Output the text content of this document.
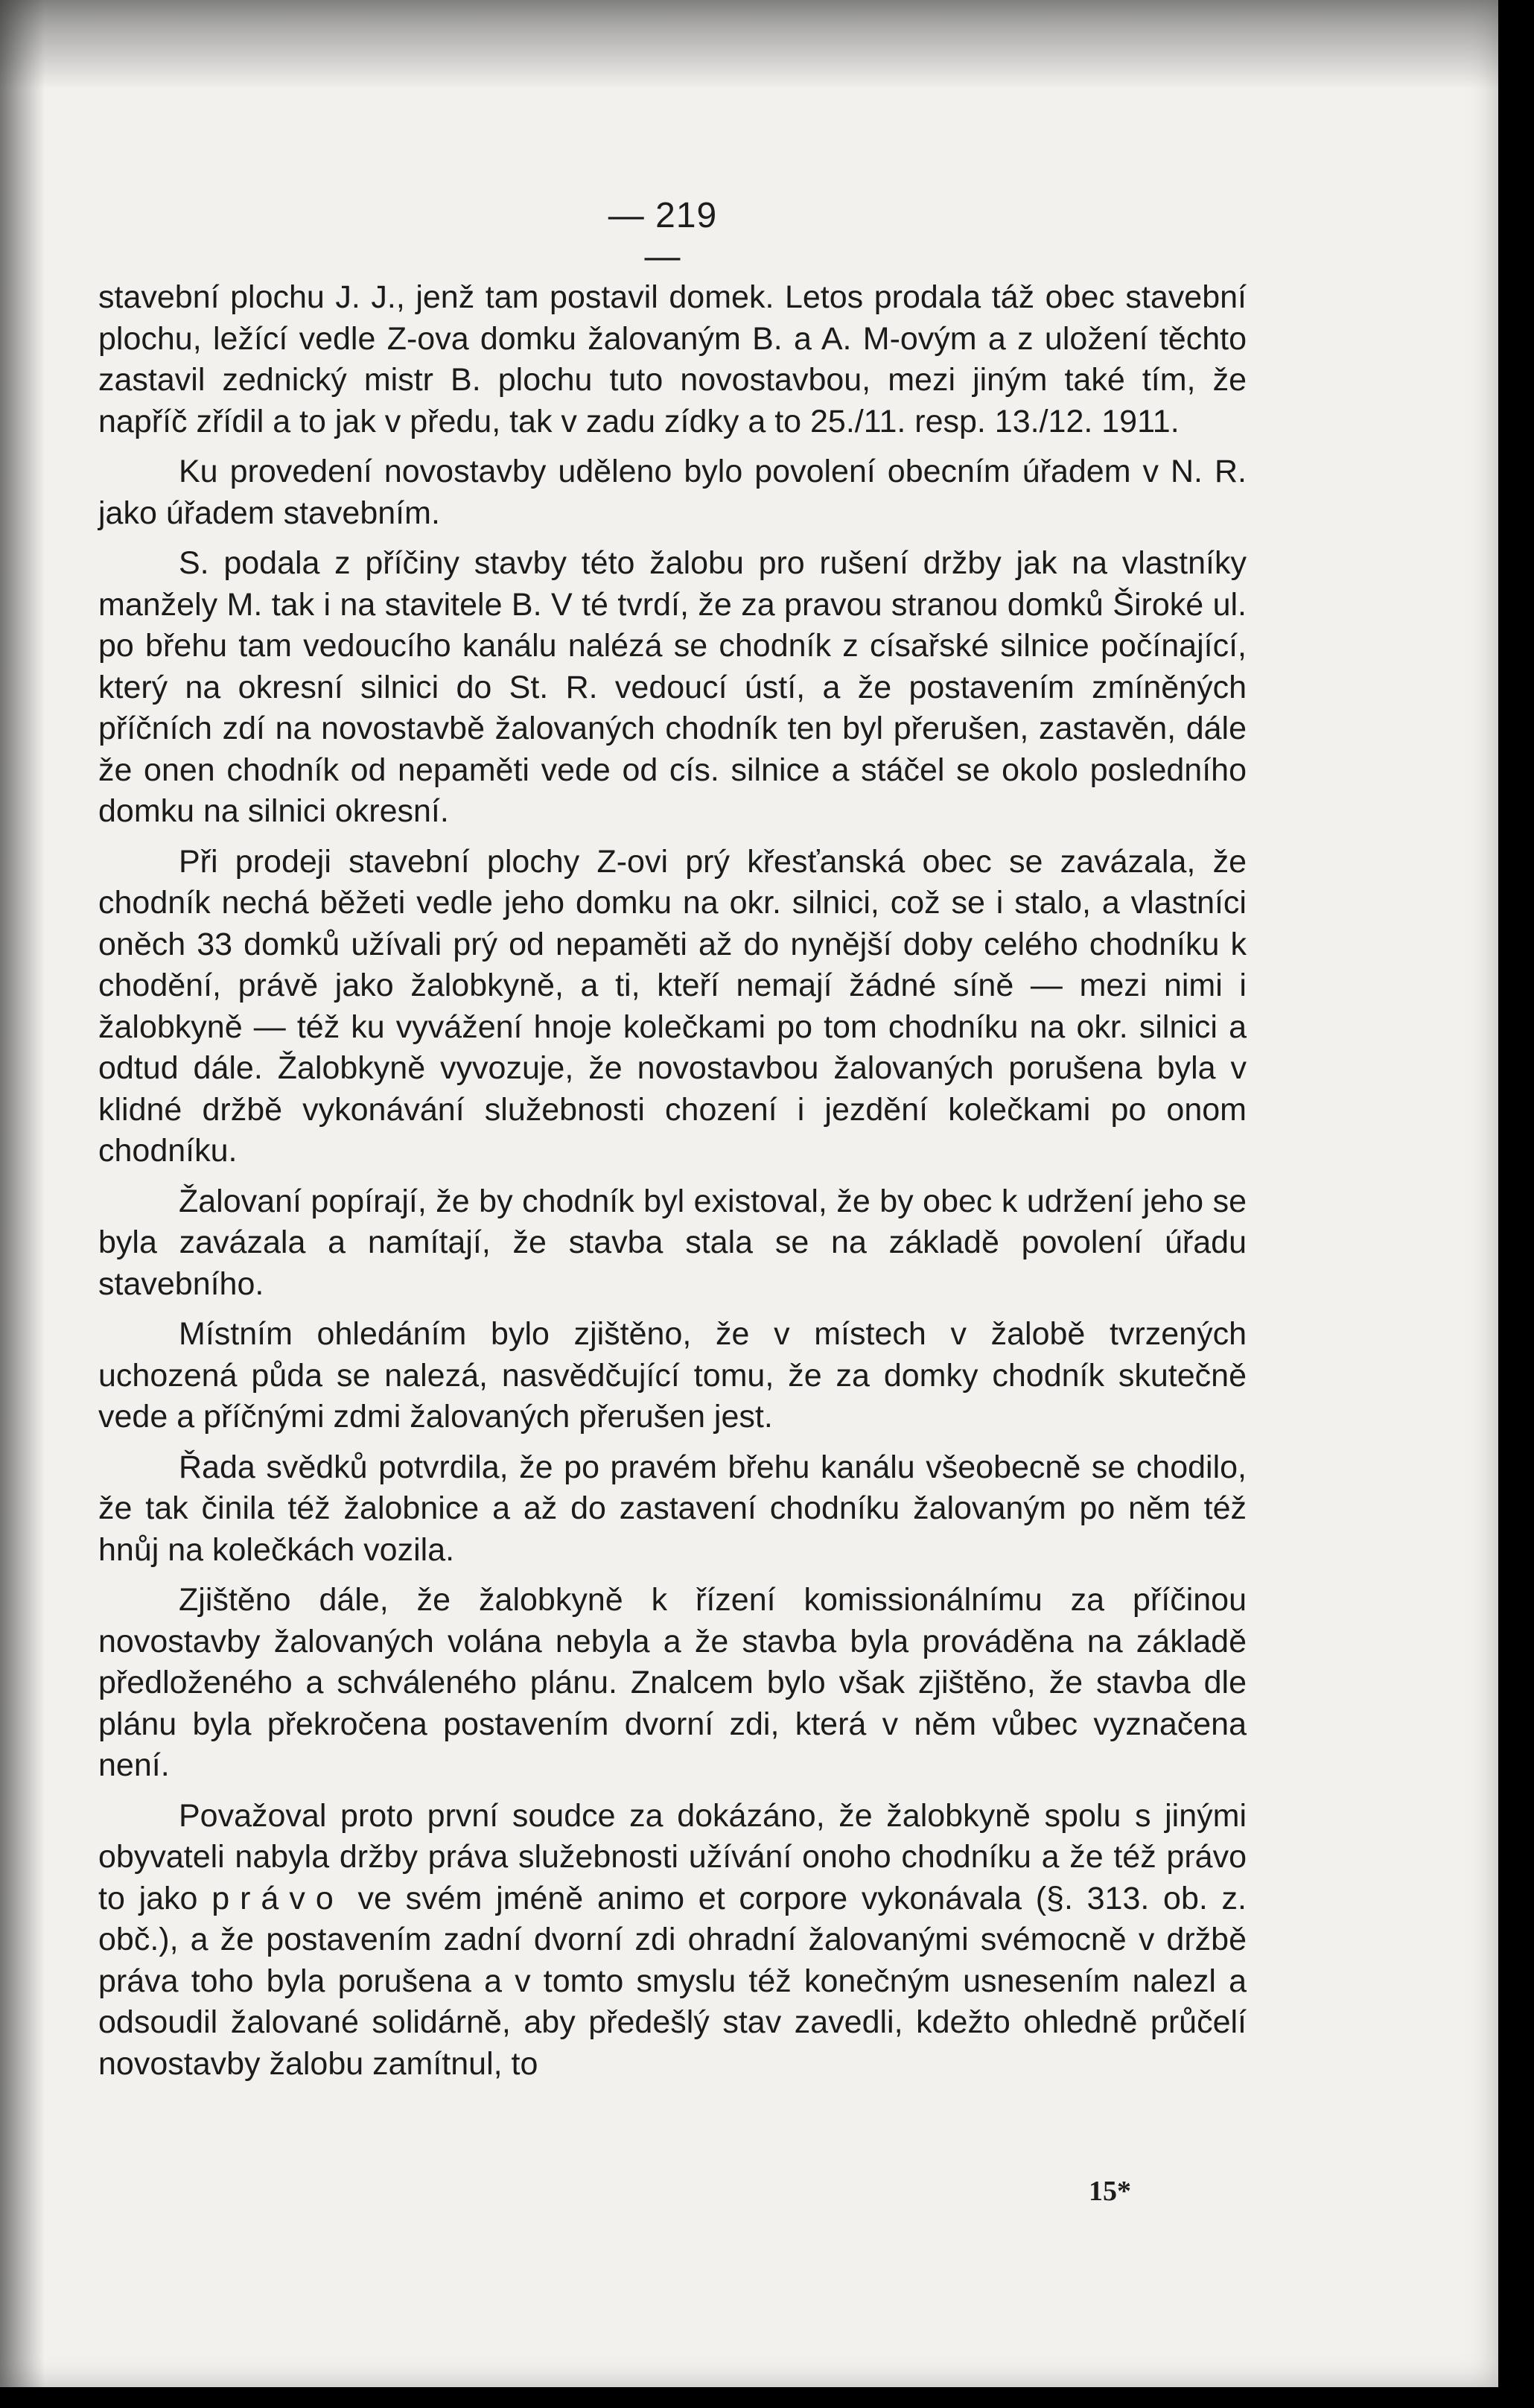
— 219 —

stavební plochu J. J., jenž tam postavil domek. Letos prodala táž obec stavební plochu, ležící vedle Z-ova domku žalovaným B. a A. M-ovým a z uložení těchto zastavil zednický mistr B. plochu tuto novostavbou, mezi jiným také tím, že napříč zřídil a to jak v předu, tak v zadu zídky a to 25./11. resp. 13./12. 1911.

Ku provedení novostavby uděleno bylo povolení obecním úřadem v N. R. jako úřadem stavebním.

S. podala z příčiny stavby této žalobu pro rušení držby jak na vlastníky manžely M. tak i na stavitele B. V té tvrdí, že za pravou stranou domků Široké ul. po břehu tam vedoucího kanálu nalézá se chodník z císařské silnice počínající, který na okresní silnici do St. R. vedoucí ústí, a že postavením zmíněných příčních zdí na novostavbě žalovaných chodník ten byl přerušen, zastavěn, dále že onen chodník od nepaměti vede od cís. silnice a stáčel se okolo posledního domku na silnici okresní.

Při prodeji stavební plochy Z-ovi prý křesťanská obec se zavázala, že chodník nechá běžeti vedle jeho domku na okr. silnici, což se i stalo, a vlastníci oněch 33 domků užívali prý od nepaměti až do nynější doby celého chodníku k chodění, právě jako žalobkyně, a ti, kteří nemají žádné síně — mezi nimi i žalobkyně — též ku vyvážení hnoje kolečkami po tom chodníku na okr. silnici a odtud dále. Žalobkyně vyvozuje, že novostavbou žalovaných porušena byla v klidné držbě vykonávání služebnosti chození i jezdění kolečkami po onom chodníku.

Žalovaní popírají, že by chodník byl existoval, že by obec k udržení jeho se byla zavázala a namítají, že stavba stala se na základě povolení úřadu stavebního.

Místním ohledáním bylo zjištěno, že v místech v žalobě tvrzených uchozená půda se nalezá, nasvědčující tomu, že za domky chodník skutečně vede a příčnými zdmi žalovaných přerušen jest.

Řada svědků potvrdila, že po pravém břehu kanálu všeobecně se chodilo, že tak činila též žalobnice a až do zastavení chodníku žalovaným po něm též hnůj na kolečkách vozila.

Zjištěno dále, že žalobkyně k řízení komissionálnímu za příčinou novostavby žalovaných volána nebyla a že stavba byla prováděna na základě předloženého a schváleného plánu. Znalcem bylo však zjištěno, že stavba dle plánu byla překročena postavením dvorní zdi, která v něm vůbec vyznačena není.

Považoval proto první soudce za dokázáno, že žalobkyně spolu s jinými obyvateli nabyla držby práva služebnosti užívání onoho chodníku a že též právo to jako právo ve svém jméně animo et corpore vykonávala (§. 313. ob. z. obč.), a že postavením zadní dvorní zdi ohradní žalovanými svémocně v držbě práva toho byla porušena a v tomto smyslu též konečným usnesením nalezl a odsoudil žalované solidárně, aby předešlý stav zavedli, kdežto ohledně průčelí novostavby žalobu zamítnul, to

15*
